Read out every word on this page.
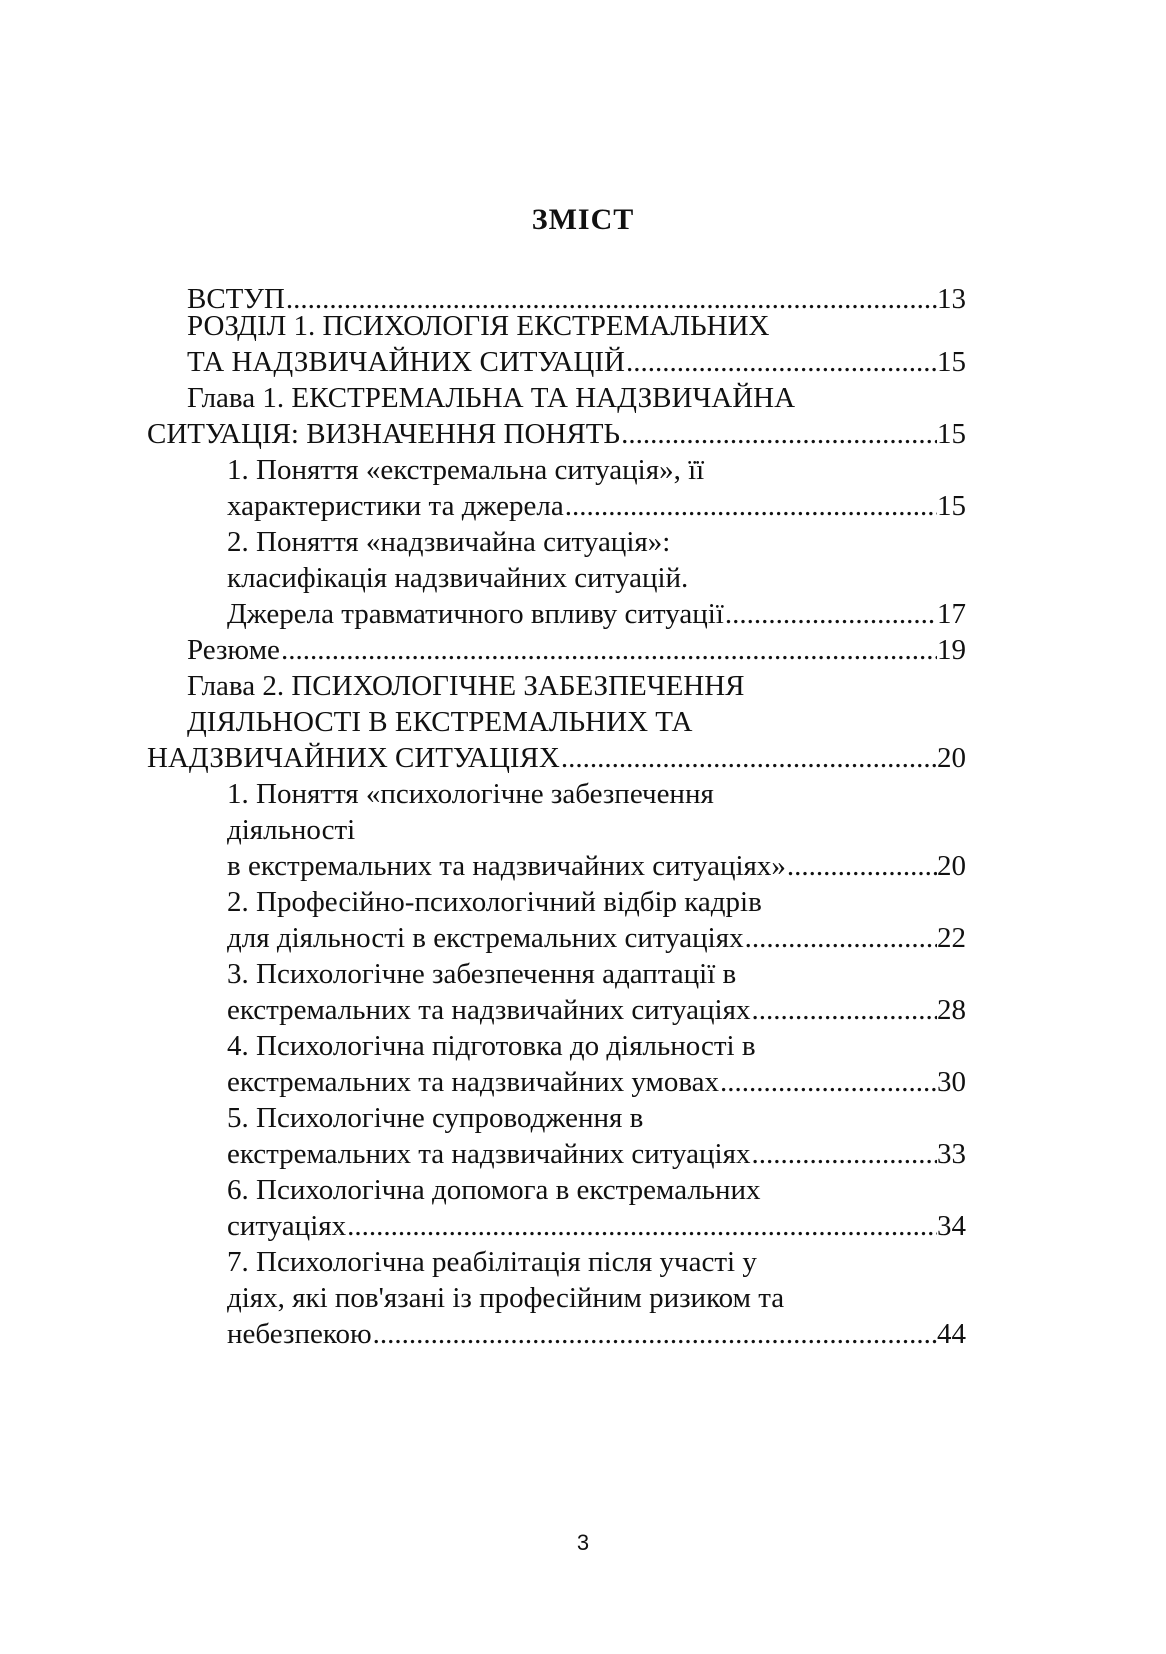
ЗМІСТ
ВСТУП .....	13
РОЗДІЛ 1. ПСИХОЛОГІЯ ЕКСТРЕМАЛЬНИХ
ТА НАДЗВИЧАЙНИХ СИТУАЦІЙ .....	15
Глава 1. ЕКСТРЕМАЛЬНА ТА НАДЗВИЧАЙНА
СИТУАЦІЯ: ВИЗНАЧЕННЯ ПОНЯТЬ .....	15
1. Поняття «екстремальна ситуація», її
характеристики та джерела .....	15
2. Поняття «надзвичайна ситуація»:
класифікація надзвичайних ситуацій.
Джерела травматичного впливу ситуації .....	17
Резюме .....	19
Глава 2. ПСИХОЛОГІЧНЕ ЗАБЕЗПЕЧЕННЯ
ДІЯЛЬНОСТІ В ЕКСТРЕМАЛЬНИХ ТА
НАДЗВИЧАЙНИХ СИТУАЦІЯХ .....	20
1. Поняття «психологічне забезпечення
діяльності
в екстремальних та надзвичайних ситуаціях» .....	20
2. Професійно-психологічний відбір кадрів
для діяльності в екстремальних ситуаціях .....	22
3. Психологічне забезпечення адаптації в
екстремальних та надзвичайних ситуаціях .....	28
4. Психологічна підготовка до діяльності в
екстремальних та надзвичайних умовах .....	30
5. Психологічне супроводження в
екстремальних та надзвичайних ситуаціях .....	33
6. Психологічна допомога в екстремальних
ситуаціях .....	34
7. Психологічна реабілітація після участі у
діях, які пов'язані із професійним ризиком та
небезпекою .....	44
3
